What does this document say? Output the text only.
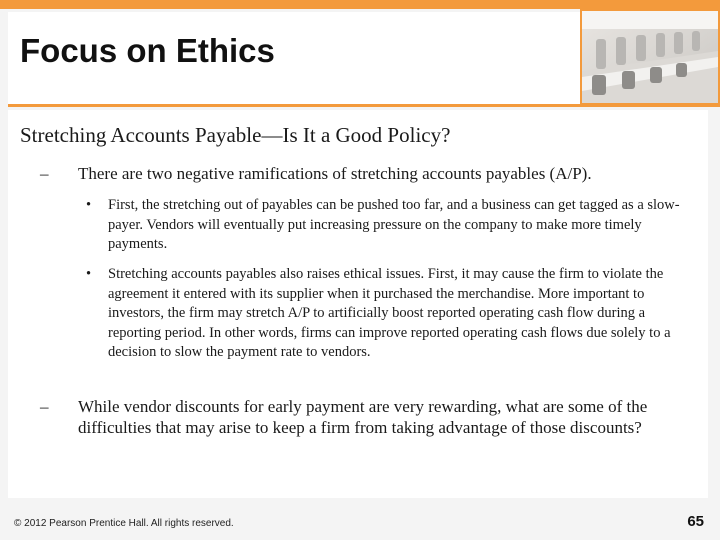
Focus on Ethics

Stretching Accounts Payable—Is It a Good Policy?

–	There are two negative ramifications of stretching accounts payables (A/P).
•	First, the stretching out of payables can be pushed too far, and a business can get tagged as a slow-payer. Vendors will eventually put increasing pressure on the company to make more timely payments.
•	Stretching accounts payables also raises ethical issues. First, it may cause the firm to violate the agreement it entered with its supplier when it purchased the merchandise. More important to investors, the firm may stretch A/P to artificially boost reported operating cash flow during a reporting period. In other words, firms can improve reported operating cash flows due solely to a decision to slow the payment rate to vendors.
–	While vendor discounts for early payment are very rewarding, what are some of the difficulties that may arise to keep a firm from taking advantage of those discounts?

© 2012 Pearson Prentice Hall. All rights reserved.	65
